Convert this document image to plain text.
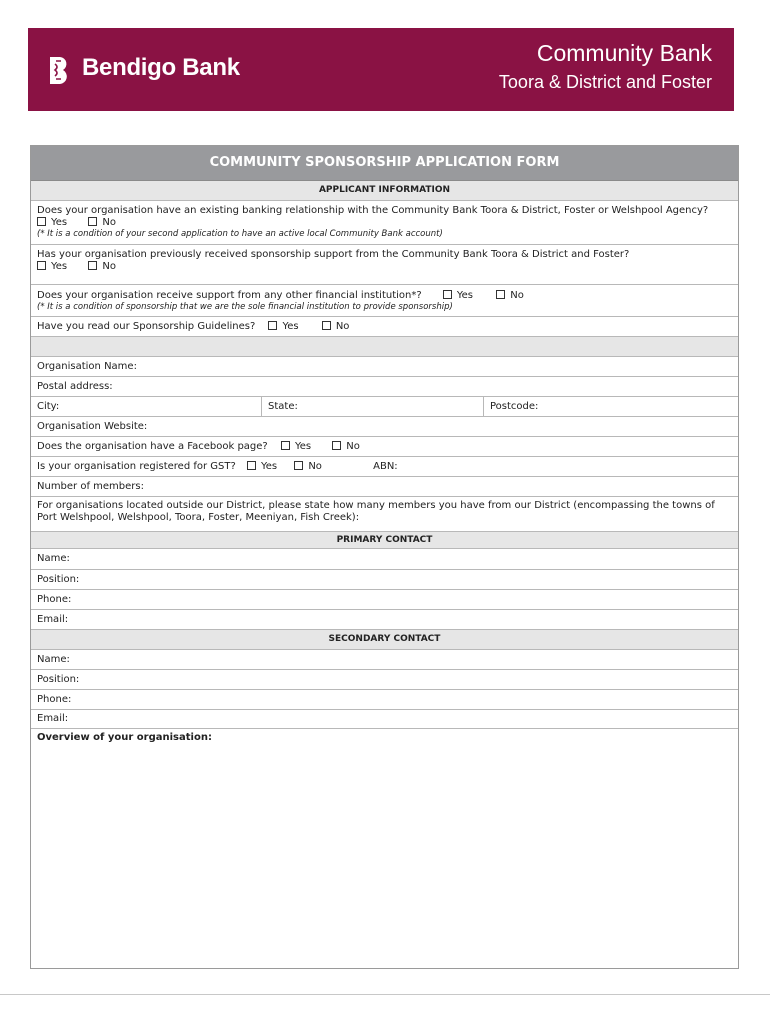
Bendigo Bank
Community Bank
Toora & District and Foster
COMMUNITY SPONSORSHIP APPLICATION FORM
APPLICANT INFORMATION
Does your organisation have an existing banking relationship with the Community Bank Toora & District, Foster or Welshpool Agency?
Yes	No
(* It is a condition of your second application to have an active local Community Bank account)
Has your organisation previously received sponsorship support from the Community Bank Toora & District and Foster?
Yes	No
Does your organisation receive support from any other financial institution*?	Yes	No
(* It is a condition of sponsorship that we are the sole financial institution to provide sponsorship)
Have you read our Sponsorship Guidelines?	Yes	No
Organisation Name:
Postal address:
City:	State:	Postcode:
Organisation Website:
Does the organisation have a Facebook page?	Yes	No
Is your organisation registered for GST?	Yes	No	ABN:
Number of members:
For organisations located outside our District, please state how many members you have from our District (encompassing the towns of
Port Welshpool, Welshpool, Toora, Foster, Meeniyan, Fish Creek):
PRIMARY CONTACT
Name:
Position:
Phone:
Email:
SECONDARY CONTACT
Name:
Position:
Phone:
Email:
Overview of your organisation:
